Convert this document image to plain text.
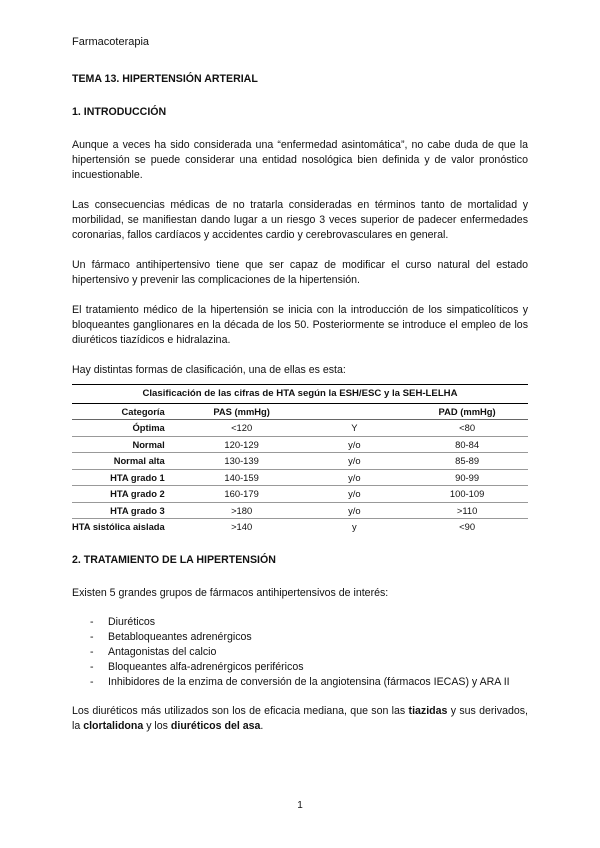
Farmacoterapia
TEMA 13. HIPERTENSIÓN ARTERIAL
1. INTRODUCCIÓN

Aunque a veces ha sido considerada una “enfermedad asintomática”, no cabe duda de que la hipertensión se puede considerar una entidad nosológica bien definida y de valor pronóstico incuestionable.

Las consecuencias médicas de no tratarla consideradas en términos tanto de mortalidad y morbilidad, se manifiestan dando lugar a un riesgo 3 veces superior de padecer enfermedades coronarias, fallos cardíacos y accidentes cardio y cerebrovasculares en general.

Un fármaco antihipertensivo tiene que ser capaz de modificar el curso natural del estado hipertensivo y prevenir las complicaciones de la hipertensión.

El tratamiento médico de la hipertensión se inicia con la introducción de los simpaticolíticos y bloqueantes ganglionares en la década de los 50. Posteriormente se introduce el empleo de los diuréticos tiazídicos e hidralazina.

Hay distintas formas de clasificación, una de ellas es esta:

Clasificación de las cifras de HTA según la ESH/ESC y la SEH-LELHA			
Categoría	PAS (mmHg)		PAD (mmHg)
Óptima	<120	Y	<80
Normal	120-129	y/o	80-84
Normal alta	130-139	y/o	85-89
HTA grado 1	140-159	y/o	90-99
HTA grado 2	160-179	y/o	100-109
HTA grado 3	>180	y/o	>110
HTA sistólica aislada	>140	y	<90
2. TRATAMIENTO DE LA HIPERTENSIÓN

Existen 5 grandes grupos de fármacos antihipertensivos de interés:

- Diuréticos
- Betabloqueantes adrenérgicos
- Antagonistas del calcio
- Bloqueantes alfa-adrenérgicos periféricos
- Inhibidores de la enzima de conversión de la angiotensina (fármacos IECAS) y ARA II

Los diuréticos más utilizados son los de eficacia mediana, que son las tiazidas y sus derivados, la clortalidona y los diuréticos del asa.

1
